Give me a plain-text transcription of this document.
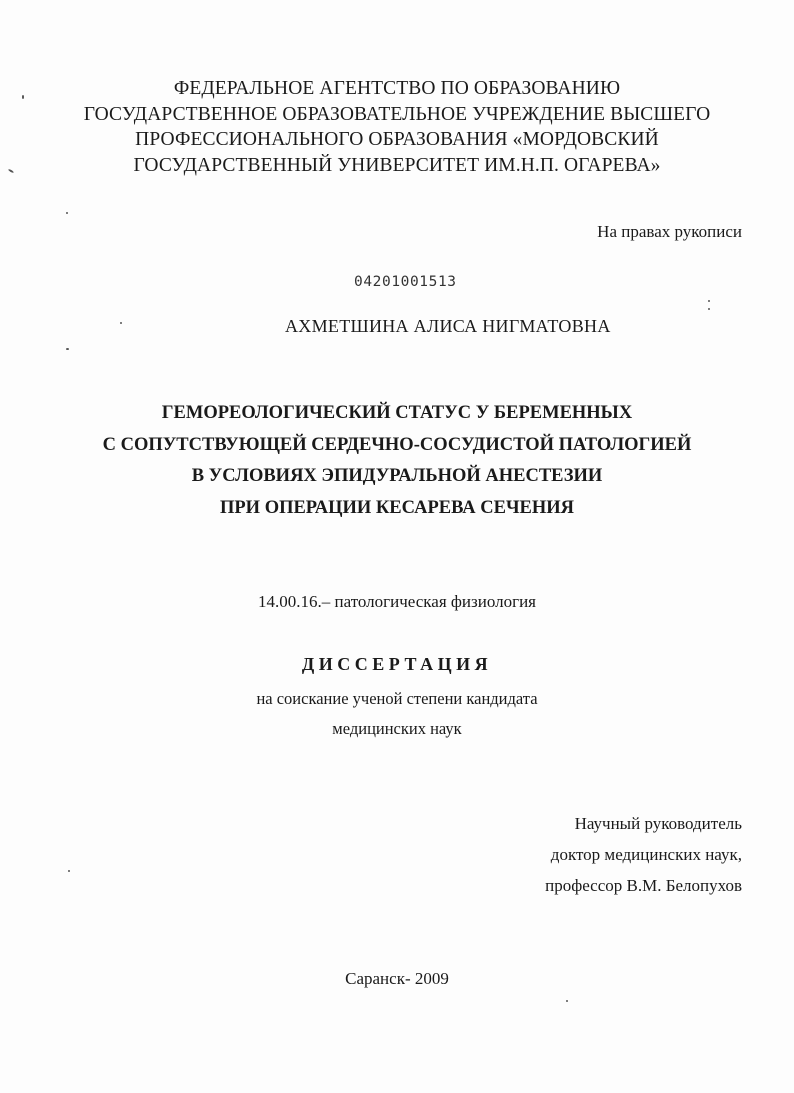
ФЕДЕРАЛЬНОЕ АГЕНТСТВО ПО ОБРАЗОВАНИЮ
ГОСУДАРСТВЕННОЕ ОБРАЗОВАТЕЛЬНОЕ УЧРЕЖДЕНИЕ ВЫСШЕГО
ПРОФЕССИОНАЛЬНОГО ОБРАЗОВАНИЯ «МОРДОВСКИЙ
ГОСУДАРСТВЕННЫЙ УНИВЕРСИТЕТ ИМ.Н.П. ОГАРЕВА»
На правах рукописи
04201001513
АХМЕТШИНА АЛИСА НИГМАТОВНА
ГЕМОРЕОЛОГИЧЕСКИЙ СТАТУС У БЕРЕМЕННЫХ
С СОПУТСТВУЮЩЕЙ СЕРДЕЧНО-СОСУДИСТОЙ ПАТОЛОГИЕЙ
В УСЛОВИЯХ ЭПИДУРАЛЬНОЙ АНЕСТЕЗИИ
ПРИ ОПЕРАЦИИ КЕСАРЕВА СЕЧЕНИЯ
14.00.16.– патологическая физиология
ДИССЕРТАЦИЯ
на соискание ученой степени кандидата
медицинских наук
Научный руководитель
доктор медицинских наук,
профессор В.М. Белопухов
Саранск- 2009
